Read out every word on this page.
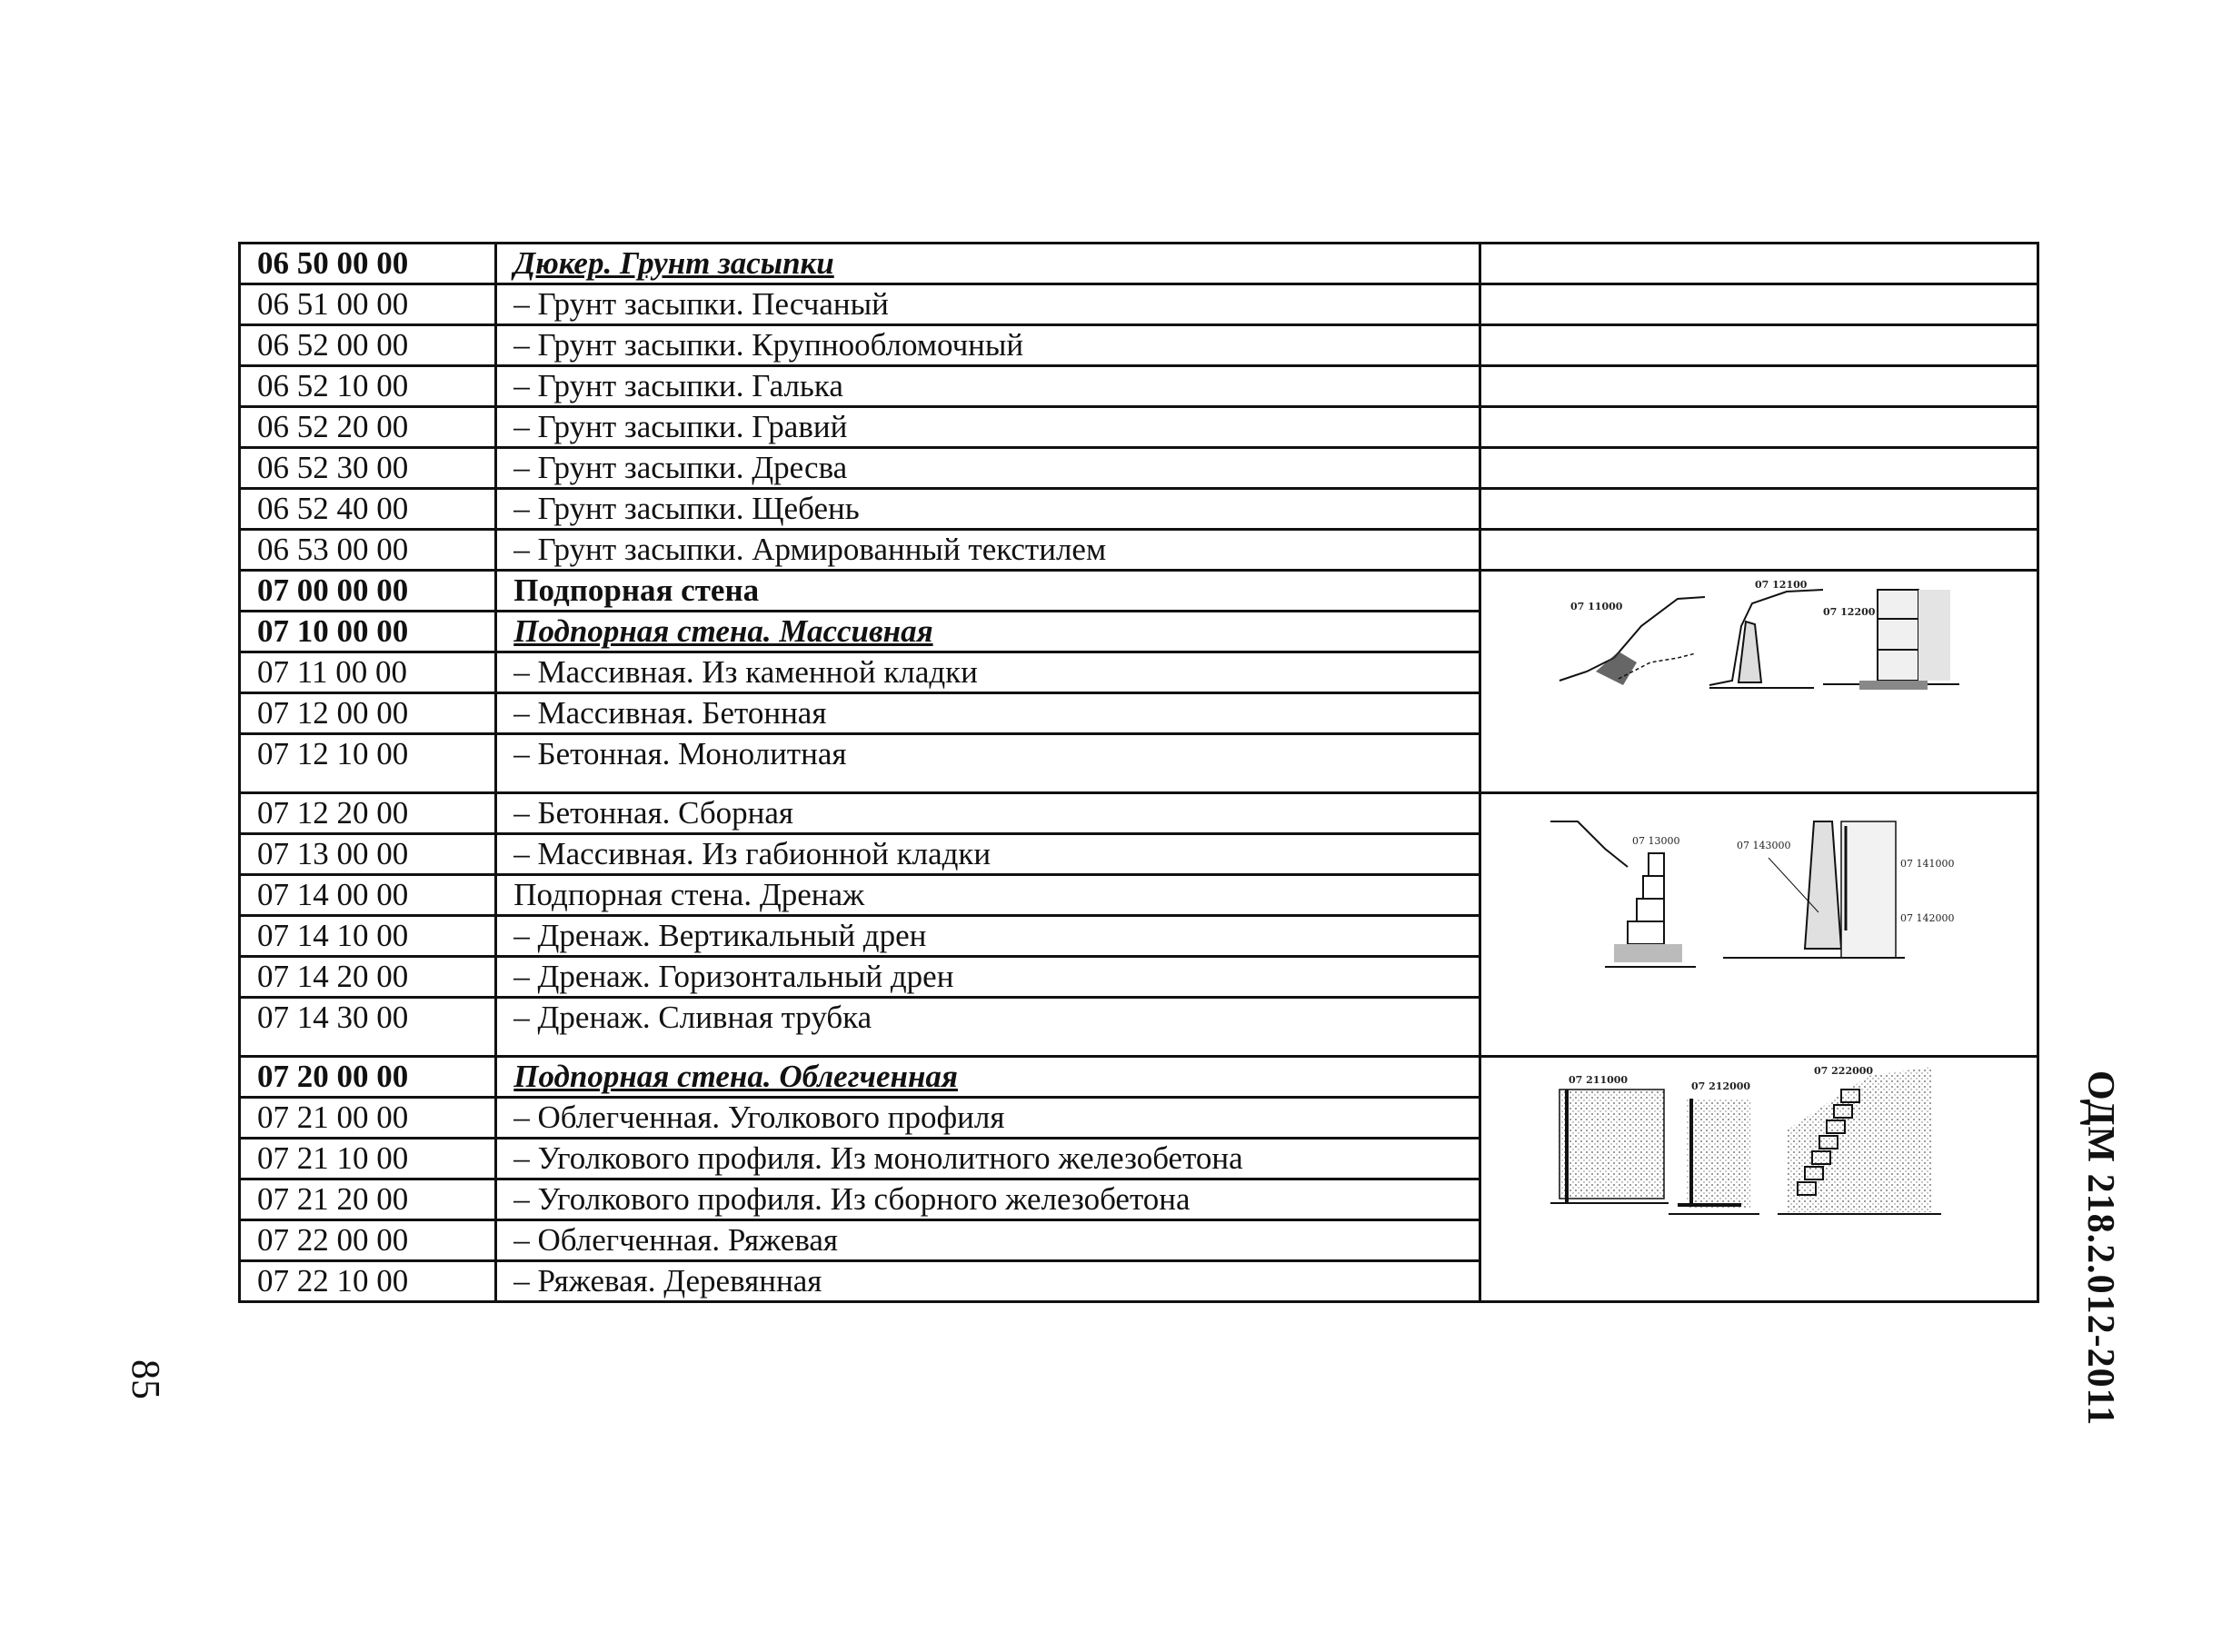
06 50 00 00	Дюкер. Грунт засыпки	
06 51 00 00	– Грунт засыпки. Песчаный	
06 52 00 00	– Грунт засыпки. Крупнообломочный	
06 52 10 00	– Грунт засыпки. Галька	
06 52 20 00	– Грунт засыпки. Гравий	
06 52 30 00	– Грунт засыпки. Дресва	
06 52 40 00	– Грунт засыпки. Щебень	
06 53 00 00	– Грунт засыпки. Армированный текстилем	
07 00 00 00	Подпорная стена	07 11000
07 12100
07 12200

07 10 00 00	Подпорная стена. Массивная	
07 11 00 00	– Массивная. Из каменной кладки	
07 12 00 00	– Массивная. Бетонная	
07 12 10 00	– Бетонная. Монолитная	
07 12 20 00	– Бетонная. Сборная	07 13000 07 143000
07 141000
07 142000

07 13 00 00	– Массивная. Из габионной кладки	
07 14 00 00	Подпорная стена. Дренаж	
07 14 10 00	– Дренаж. Вертикальный дрен	
07 14 20 00	– Дренаж. Горизонтальный дрен	
07 14 30 00	– Дренаж. Сливная трубка	
07 20 00 00	Подпорная стена. Облегченная	07 211000
07 212000
07 222000

07 21 00 00	– Облегченная. Уголкового профиля	
07 21 10 00	– Уголкового профиля. Из монолитного железобетона	
07 21 20 00	– Уголкового профиля. Из сборного железобетона	
07 22 00 00	– Облегченная. Ряжевая	
07 22 10 00	– Ряжевая. Деревянная	
85	ОДМ 218.2.012-2011
